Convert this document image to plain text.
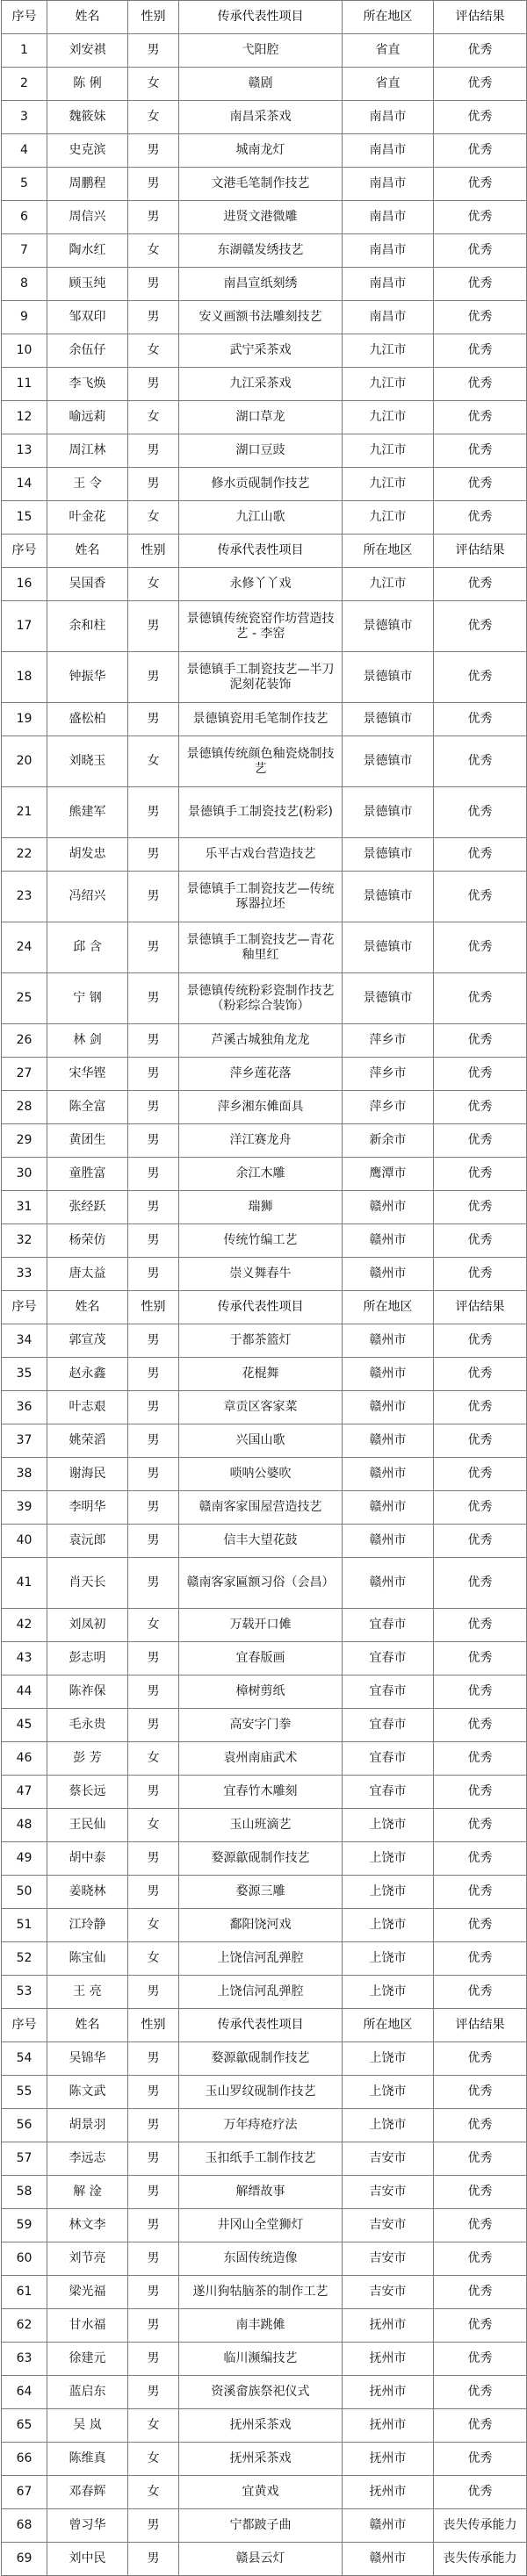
序号	姓名	性别	传承代表性项目	所在地区	评估结果
1	刘安祺	男	弋阳腔	省直	优秀
2	陈 俐	女	赣剧	省直	优秀
3	魏筱妹	女	南昌采茶戏	南昌市	优秀
4	史克滨	男	城南龙灯	南昌市	优秀
5	周鹏程	男	文港毛笔制作技艺	南昌市	优秀
6	周信兴	男	进贤文港微雕	南昌市	优秀
7	陶水红	女	东湖赣发绣技艺	南昌市	优秀
8	顾玉纯	男	南昌宣纸刻绣	南昌市	优秀
9	邹双印	男	安义画额书法雕刻技艺	南昌市	优秀
10	余伍仔	女	武宁采茶戏	九江市	优秀
11	李飞焕	男	九江采茶戏	九江市	优秀
12	喻远莉	女	湖口草龙	九江市	优秀
13	周江林	男	湖口豆豉	九江市	优秀
14	王 令	男	修水贡砚制作技艺	九江市	优秀
15	叶金花	女	九江山歌	九江市	优秀
序号	姓名	性别	传承代表性项目	所在地区	评估结果
16	吴国香	女	永修丫丫戏	九江市	优秀
17	余和柱	男	景德镇传统瓷窑作坊营造技艺 - 李窑	景德镇市	优秀
18	钟振华	男	景德镇手工制瓷技艺—半刀泥刻花装饰	景德镇市	优秀
19	盛松柏	男	景德镇瓷用毛笔制作技艺	景德镇市	优秀
20	刘晓玉	女	景德镇传统颜色釉瓷烧制技艺	景德镇市	优秀
21	熊建军	男	景德镇手工制瓷技艺(粉彩)	景德镇市	优秀
22	胡发忠	男	乐平古戏台营造技艺	景德镇市	优秀
23	冯绍兴	男	景德镇手工制瓷技艺—传统琢器拉坯	景德镇市	优秀
24	邱 含	男	景德镇手工制瓷技艺—青花釉里红	景德镇市	优秀
25	宁 钢	男	景德镇传统粉彩瓷制作技艺（粉彩综合装饰）	景德镇市	优秀
26	林 剑	男	芦溪古城独角龙龙	萍乡市	优秀
27	宋华铿	男	萍乡莲花落	萍乡市	优秀
28	陈全富	男	萍乡湘东傩面具	萍乡市	优秀
29	黄团生	男	洋江赛龙舟	新余市	优秀
30	童胜富	男	余江木雕	鹰潭市	优秀
31	张经跃	男	瑞狮	赣州市	优秀
32	杨荣仿	男	传统竹编工艺	赣州市	优秀
33	唐太益	男	崇义舞春牛	赣州市	优秀
序号	姓名	性别	传承代表性项目	所在地区	评估结果
34	郭宣茂	男	于都茶篮灯	赣州市	优秀
35	赵永鑫	男	花棍舞	赣州市	优秀
36	叶志艰	男	章贡区客家菜	赣州市	优秀
37	姚荣滔	男	兴国山歌	赣州市	优秀
38	谢海民	男	唢呐公婆吹	赣州市	优秀
39	李明华	男	赣南客家围屋营造技艺	赣州市	优秀
40	袁沅郎	男	信丰大望花鼓	赣州市	优秀
41	肖天长	男	赣南客家匾额习俗（会昌）	赣州市	优秀
42	刘凤初	女	万载开口傩	宜春市	优秀
43	彭志明	男	宜春版画	宜春市	优秀
44	陈祚保	男	樟树剪纸	宜春市	优秀
45	毛永贵	男	高安字门拳	宜春市	优秀
46	彭 芳	女	袁州南庙武术	宜春市	优秀
47	蔡长远	男	宜春竹木雕刻	宜春市	优秀
48	王民仙	女	玉山班滴艺	上饶市	优秀
49	胡中泰	男	婺源歙砚制作技艺	上饶市	优秀
50	姜晓林	男	婺源三雕	上饶市	优秀
51	江玲静	女	鄱阳饶河戏	上饶市	优秀
52	陈宝仙	女	上饶信河乱弹腔	上饶市	优秀
53	王 亮	男	上饶信河乱弹腔	上饶市	优秀
序号	姓名	性别	传承代表性项目	所在地区	评估结果
54	吴锦华	男	婺源歙砚制作技艺	上饶市	优秀
55	陈文武	男	玉山罗纹砚制作技艺	上饶市	优秀
56	胡景羽	男	万年痔疮疗法	上饶市	优秀
57	李远志	男	玉扣纸手工制作技艺	吉安市	优秀
58	解 淦	男	解缙故事	吉安市	优秀
59	林文李	男	井冈山全堂狮灯	吉安市	优秀
60	刘节亮	男	东固传统造像	吉安市	优秀
61	梁光福	男	遂川狗牯脑茶的制作工艺	吉安市	优秀
62	甘水福	男	南丰跳傩	抚州市	优秀
63	徐建元	男	临川濒编技艺	抚州市	优秀
64	蓝启东	男	资溪畲族祭祀仪式	抚州市	优秀
65	吴 岚	女	抚州采茶戏	抚州市	优秀
66	陈维真	女	抚州采茶戏	抚州市	优秀
67	邓春辉	女	宜黄戏	抚州市	优秀
68	曾习华	男	宁都跛子曲	赣州市	丧失传承能力
69	刘中民	男	赣县云灯	赣州市	丧失传承能力
